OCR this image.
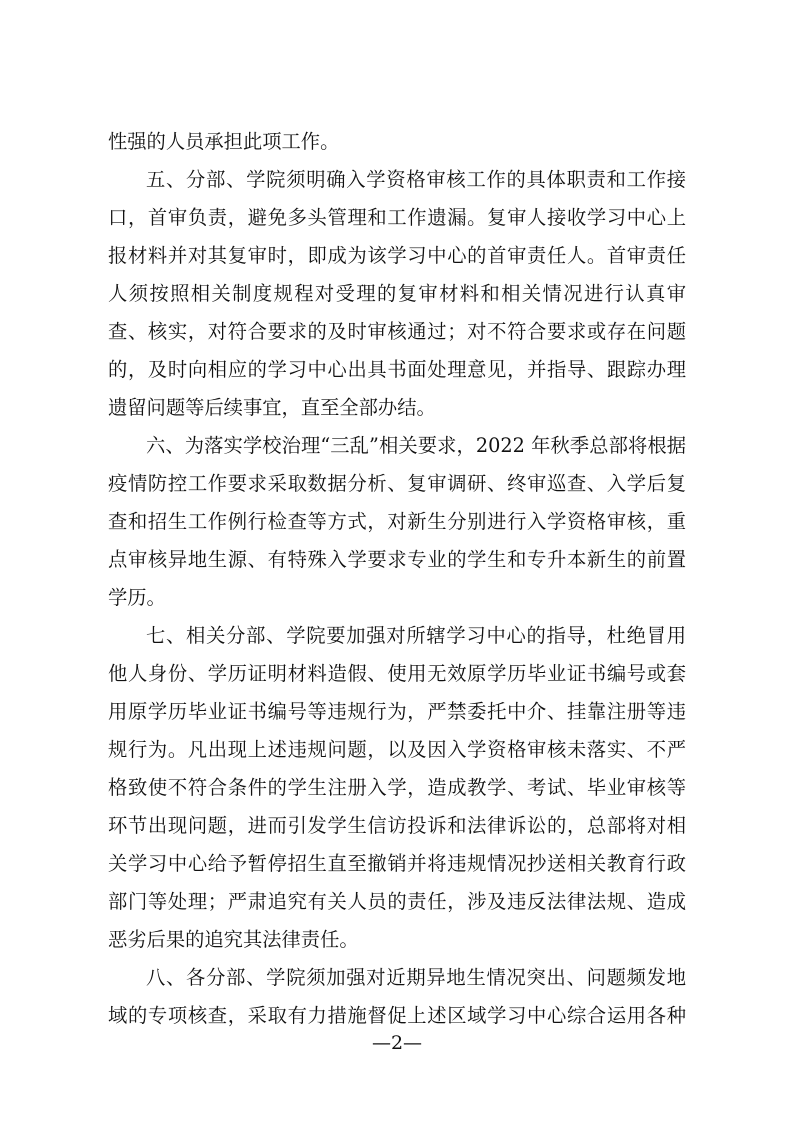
性强的人员承担此项工作。
五、分部、学院须明确入学资格审核工作的具体职责和工作接
口，首审负责，避免多头管理和工作遗漏。复审人接收学习中心上
报材料并对其复审时，即成为该学习中心的首审责任人。首审责任
人须按照相关制度规程对受理的复审材料和相关情况进行认真审
查、核实，对符合要求的及时审核通过；对不符合要求或存在问题
的，及时向相应的学习中心出具书面处理意见，并指导、跟踪办理
遗留问题等后续事宜，直至全部办结。
六、为落实学校治理“三乱”相关要求，2022 年秋季总部将根据
疫情防控工作要求采取数据分析、复审调研、终审巡查、入学后复
查和招生工作例行检查等方式，对新生分别进行入学资格审核，重
点审核异地生源、有特殊入学要求专业的学生和专升本新生的前置
学历。
七、相关分部、学院要加强对所辖学习中心的指导，杜绝冒用
他人身份、学历证明材料造假、使用无效原学历毕业证书编号或套
用原学历毕业证书编号等违规行为，严禁委托中介、挂靠注册等违
规行为。凡出现上述违规问题，以及因入学资格审核未落实、不严
格致使不符合条件的学生注册入学，造成教学、考试、毕业审核等
环节出现问题，进而引发学生信访投诉和法律诉讼的，总部将对相
关学习中心给予暂停招生直至撤销并将违规情况抄送相关教育行政
部门等处理；严肃追究有关人员的责任，涉及违反法律法规、造成
恶劣后果的追究其法律责任。
八、各分部、学院须加强对近期异地生情况突出、问题频发地
域的专项核查，采取有力措施督促上述区域学习中心综合运用各种
—2—
